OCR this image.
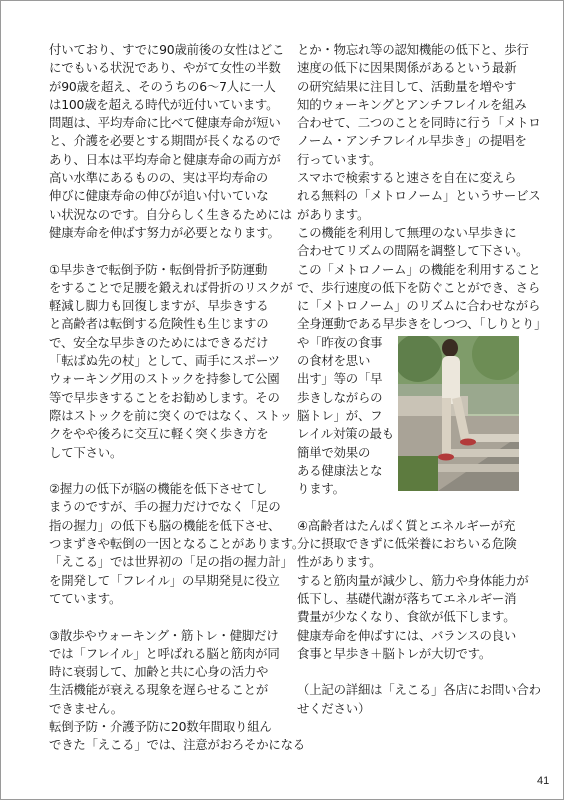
付いており、すでに90歳前後の女性はどこ
にでもいる状況であり、やがて女性の半数
が90歳を超え、そのうちの6〜7人に一人
は100歳を超える時代が近付いています。
問題は、平均寿命に比べて健康寿命が短い
と、介護を必要とする期間が長くなるので
あり、日本は平均寿命と健康寿命の両方が
高い水準にあるものの、実は平均寿命の
伸びに健康寿命の伸びが追い付いていな
い状況なのです。自分らしく生きるためには
健康寿命を伸ばす努力が必要となります。
①早歩きで転倒予防・転倒骨折予防運動
をすることで足腰を鍛えれば骨折のリスクが
軽減し脚力も回復しますが、早歩きする
と高齢者は転倒する危険性も生じますの
で、安全な早歩きのためにはできるだけ
「転ばぬ先の杖」として、両手にスポーツ
ウォーキング用のストックを持参して公園
等で早歩きすることをお勧めします。その
際はストックを前に突くのではなく、ストッ
クをやや後ろに交互に軽く突く歩き方を
して下さい。
②握力の低下が脳の機能を低下させてし
まうのですが、手の握力だけでなく「足の
指の握力」の低下も脳の機能を低下させ、
つまずきや転倒の一因となることがあります。
「えこる」では世界初の「足の指の握力計」
を開発して「フレイル」の早期発見に役立
てています。
③散歩やウォーキング・筋トレ・健脚だけ
では「フレイル」と呼ばれる脳と筋肉が同
時に衰弱して、加齢と共に心身の活力や
生活機能が衰える現象を遅らせることが
できません。
転倒予防・介護予防に20数年間取り組ん
できた「えこる」では、注意がおろそかになる
とか・物忘れ等の認知機能の低下と、歩行
速度の低下に因果関係があるという最新
の研究結果に注目して、活動量を増やす
知的ウォーキングとアンチフレイルを組み
合わせて、二つのことを同時に行う「メトロ
ノーム・アンチフレイル早歩き」の提唱を
行っています。
スマホで検索すると速さを自在に変えら
れる無料の「メトロノーム」というサービス
があります。
この機能を利用して無理のない早歩きに
合わせてリズムの間隔を調整して下さい。
この「メトロノーム」の機能を利用すること
で、歩行速度の低下を防ぐことができ、さら
に「メトロノーム」のリズムに合わせながら
全身運動である早歩きをしつつ、「しりとり」
や「昨夜の食事
の食材を思い
出す」等の「早
歩きしながらの
脳トレ」が、フ
レイル対策の最も
簡単で効果の
ある健康法とな
ります。
④高齢者はたんぱく質とエネルギーが充
分に摂取できずに低栄養におちいる危険
性があります。
すると筋肉量が減少し、筋力や身体能力が
低下し、基礎代謝が落ちてエネルギー消
費量が少なくなり、食欲が低下します。
健康寿命を伸ばすには、バランスの良い
食事と早歩き＋脳トレが大切です。
（上記の詳細は「えこる」各店にお問い合わ
せください）
41
